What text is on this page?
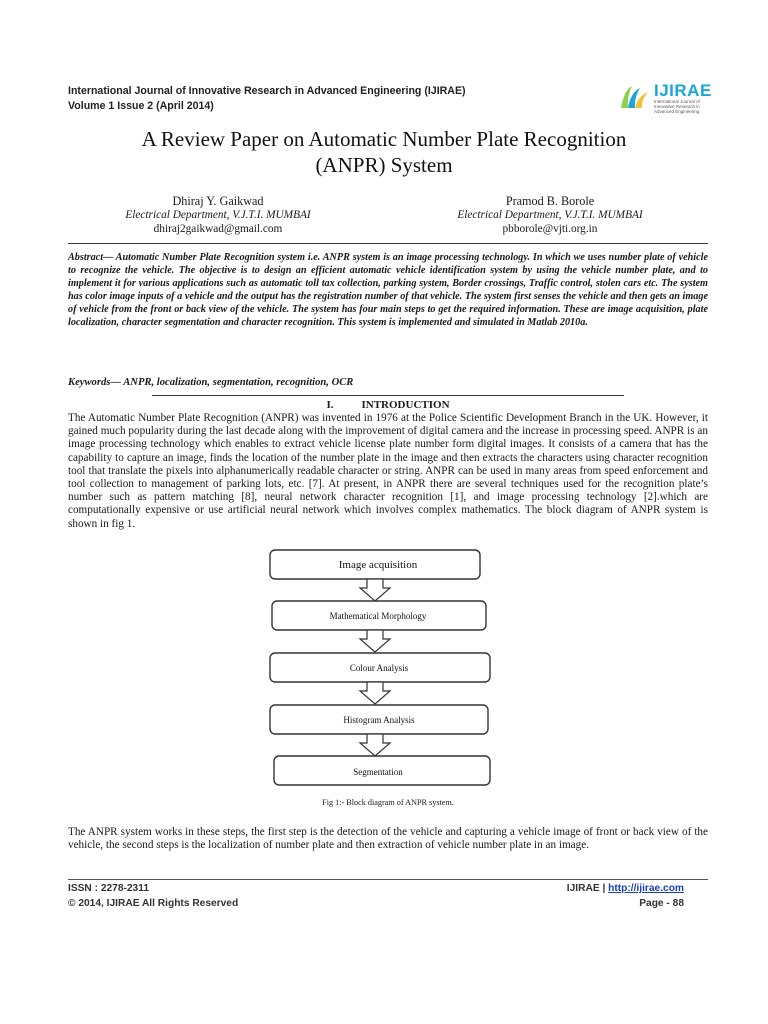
International Journal of Innovative Research in Advanced Engineering (IJIRAE)
Volume 1 Issue 2 (April 2014)
IJIRAE
International Journal of Innovative Research in Advanced Engineering
A Review Paper on Automatic Number Plate Recognition
(ANPR) System
Dhiraj Y. Gaikwad
Electrical Department, V.J.T.I. MUMBAI
dhiraj2gaikwad@gmail.com
Pramod B. Borole
Electrical Department, V.J.T.I. MUMBAI
pbborole@vjti.org.in
Abstract— Automatic Number Plate Recognition system i.e. ANPR system is an image processing technology. In which we uses number plate of vehicle to recognize the vehicle. The objective is to design an efficient automatic vehicle identification system by using the vehicle number plate, and to implement it for various applications such as automatic toll tax collection, parking system, Border crossings, Traffic control, stolen cars etc. The system has color image inputs of a vehicle and the output has the registration number of that vehicle. The system first senses the vehicle and then gets an image of vehicle from the front or back view of the vehicle. The system has four main steps to get the required information. These are image acquisition, plate localization, character segmentation and character recognition. This system is implemented and simulated in Matlab 2010a.
Keywords— ANPR, localization, segmentation, recognition, OCR
I.	INTRODUCTION
The Automatic Number Plate Recognition (ANPR) was invented in 1976 at the Police Scientific Development Branch in the UK. However, it gained much popularity during the last decade along with the improvement of digital camera and the increase in processing speed. ANPR is an image processing technology which enables to extract vehicle license plate number form digital images. It consists of a camera that has the capability to capture an image, finds the location of the number plate in the image and then extracts the characters using character recognition tool that translate the pixels into alphanumerically readable character or string. ANPR can be used in many areas from speed enforcement and tool collection to management of parking lots, etc. [7]. At present, in ANPR there are several techniques used for the recognition plate’s number such as pattern matching [8], neural network character recognition [1], and image processing technology [2].which are computationally expensive or use artificial neural network which involves complex mathematics. The block diagram of ANPR system is shown in fig 1.
Image acquisition
Mathematical Morphology
Colour Analysis
Histogram Analysis
Segmentation
Fig 1:- Block diagram of ANPR system.
The ANPR system works in these steps, the first step is the detection of the vehicle and capturing a vehicle image of front or back view of the vehicle, the second steps is the localization of number plate and then extraction of vehicle number plate in an image.
ISSN : 2278-2311
© 2014, IJIRAE All Rights Reserved
IJIRAE | http://ijirae.com
Page - 88
